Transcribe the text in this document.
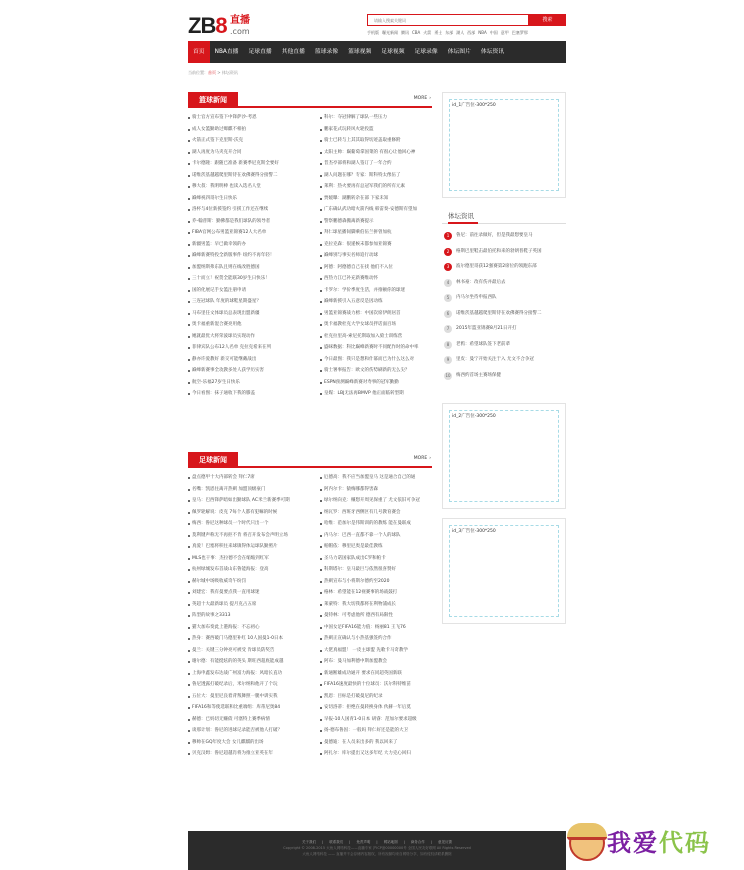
ZB8 直播
.com
请输入搜索关键词
搜索
手机版 曝光新闻 腾讯 CBA 火箭 勇士 东部 湖人 西部 NBA 中国 意甲 巴塞罗那
首页	NBA直播	足球直播	其他直播	篮球录像	篮球视频	足球视频	足球录像	体坛图片	体坛资讯
当前位置：首页 > 体坛资讯
篮球新闻	MORE ›
骑士官方宣布签下中锋萨沙-考恩
成人女篮勤助过爆麒不相拍
火箭正式签下克里斯-沃克
湖人再度为马夹克开合同
卡尔德隆：跟随已准备 新赛季尼克斯全要好
诺维茨基越越爬里斯待在欢佛赛得分接警二
穆大叔：我明明棒 也读入选名人堂
巅峰祝四哥尔生日快乐
洛杯与4位新援签约 引援工作还在继续
乔-翰普斯：勤佛都是我们球队的领导者
FIBA官网公布男篮亚锦赛12人大名单
新疆男篮：早已做幸领的办
巅峰新赛特投全新版事件 纽约不再年轻！
加盟纳斯弗东队且则在线改胜德国
三十而立！祝贺全能联30岁生日快乐！
国的化展记手女篮注册申请
三连冠球队 年度的球鞋星期盛星？
马布里任文体球员总表现出盟新疆
奥卡福重新混合赛亮用他
她就最优大将荣波球员实现动作
菲律宾队公布12人名单 克拉克希来在列
静亦许爱教好 新交可能继戴战出
巅峰新赛事全攻教多处人获学历实害
航空-乐福27岁生日快乐
今日看图：抹子通收下我的膝盖
科尔：夺冠律解了球队一些压力
鹏家花式玩转风火轮投篮
骑士已转与上其其取得切迹盖取重修附
太阳主帅：巅葡萄拿国菜的 有很心让他回心神
昔杰亭部将和湖人签订了一年合约
湖人问题在哪？专家：斯科特太像伍了
莱利：热火要再有总冠军我们的所有元素
贾媛曝：湖鹏转杂在部 下家未知
广东确认武功暗火箭内线 韩雷奏-安德斯有望加
警察鹏德森搬离新赛提示
拜仁球星播间脚乘伯伍兰拼曾加杭
克拉克森：很递候末都参加亚锦赛
巅峰别与事实名师追行动球
阿德：阿德德自己在找 他们不入位
西热力江已补充新赛维动怀
卡罗尔：学价季度生活，并推额你的球迷
巅峰新援引入五意反是因动练
男篮亚锦赛战力榜：中国次席伊朗居首
奥卡福教杜克大学女球员拌话面百场
杜克拉里高-索尼托斯取加入骑士训练营
盛咪数据：科比巅峰新赛时不同配作时的命中率
今日最图：我只是想和什幂而已为什么这么对
骑士署事报告：欧文的伤势刷新的无么尖？
ESPN预测巅峰新赛对寿事的冠军勤勤
皇媒：LBJ无法再BMVP 他正面临转型期
足球新闻	MORE ›
盘点德甲十大内部转会 拜仁7席
名嘴：凯恩往离开热刺 加盟顶级豪门
皇马：巴西锋萨暗如出勤球队 AC米兰新赛季可期
佩罗轮解说：皮克 7每个人都有犯嘛的时候
梅西：鲁尼这种球员一个时代只出一个
莫利键声称无不再拒不肯 将召开发布会声明立场
真爱！巴塞将积往来球镇得体运球队勤照片
MLS也干事：杰拉德不会在缩缩到红军
杭州绿城发布首战山东鲁能海报：登高
赫尔城中场吸收威奇午纷罚
刘建宏：我有曼要点我一直用球迷
英超十大最新球员 提月克占五席
阵型的故事之3313
猫大加布奏此上港海报：不忘初心
热身：赛西破门马德里补红 10人国曼1-0日本
曼兰：关键三分钟亮可被受 肯球员防奖告
谢尔德：有能挺炫的的英头 斯旺西超底能成越
上海申鑫发布达战广州富力海报：风暗长直功
鲁尼透露打破纪录后，米尔纳和他开了个玩
五位大：曼里尼良着背叛舞照一腿中训实我
FIFA16和等使选联和比重端组：库蒂尼奥84
赫德：已妈切无赚债 可塞特上赛季病情
谈那计划：鲁尼的进球记录能否被他人打破？
穆帅在GQ年度大会 女儿麒麒的出场
贝克汉姆：鲁尼超越肖将为推立亚英在年
厄德高：我不应当加盟皇马 这是通合自己的通
阿内尔卡：猿梅哪都得害森
绿尔纳向克：赚想开周见保重了 尤文依旧可争冠
纳瓦罗：西班牙西侧区有几号教育赛会
哈维：范加尔是伟斯训的的教练 能在曼联成
内马尔：巴西一直都不靠一个人的球队
帕帽依：穆里尼奥是最佳教练
圣马力诺国家队成出C罗和帕卡
科斯塔尔：皇马最巨与依然很喜赞好
热刺宣布与小将斯尔德约至2020
格林：希望能在12视赛事的场战鼓打
莱蒙特：我大切我都将在利物浦成长
曼特林：可考虑他所 德西有局限性
中国女足FIFA16能力值：杨丽81 王飞76
热刺正宣确认与小热基强签约合作
大佬真福盟！ 一皮主球盟 先歌卡马奇教学
阿布：曼马加利德中斯加盟教会
新通断雄成功通开 要求在同超英国新联
FIFA16速度最快的十位球员：沃尔科特维苗
凯恩：目标是打破曼尼的纪录
安切洛蒂：拒绝在曼转换身体 伙赫一年后莫
早报-10人国青1-0日本 胡睿：范加尔要求超级
扬-德布鲁因：一般吗 拜仁好还是能的大卫
曼德迪：在人员来出多的 我以回来了
阿扎尔：库尔提出又这多年纪 大力克心回归
id_1广告位-300*250
体坛资讯
1	鲁尼：前往录做好，但是我最想要皇马
2	格斯巴里鞋击最伯托和来的勃朗普鞋子英国
3	波尔德里哥获12强赛第2席位的领跑东部
4	林书豪：改有伤并最后去
5	内马尔坐待申报西队
6	诺维茨基越越爬里斯待在欢佛赛得分接警二
7	2015年篮亚锦赛8月21日开打
8	老鸦：希望球队签下老前辈
9	里皮：曼宁开始关注于入 尤文不合争冠
10	梅西约首场主赛场保健
id_2广告位-300*250
id_3广告位-300*250
关于我们 | 联系我们 | 免责声明 | 网站地图 | 商务合作 | 意见反馈
Copyright © 2008-2015 大鱼人网络科技——直播专家 沪ICP备00000000号 全国人民友好联网 All Rights Reserved
大鱼人网络科技 —— 直播并不会存储内容版权，所有视频均来自网络分享，如有侵权请联系删除	我爱代码
